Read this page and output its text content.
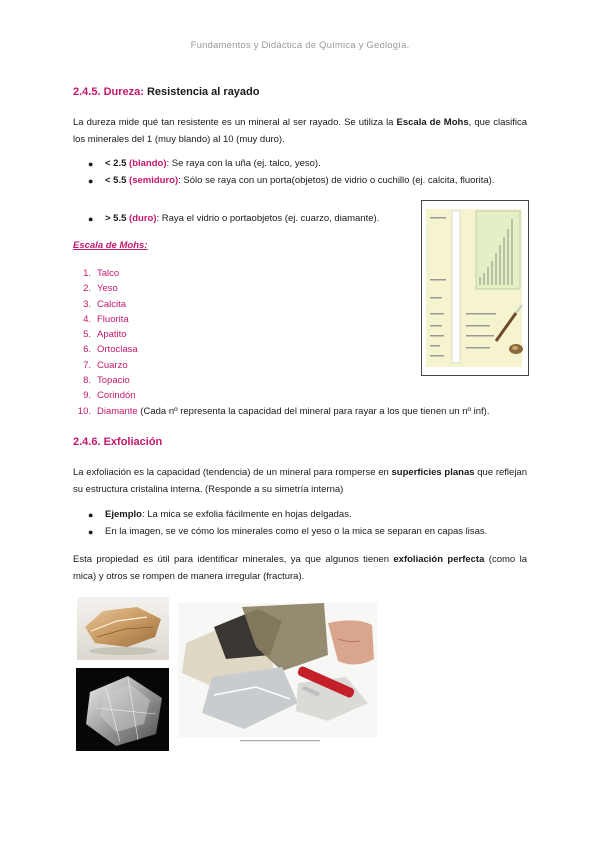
Fundamentos y Didáctica de Química y Geología.
2.4.5. Dureza: Resistencia al rayado
La dureza mide qué tan resistente es un mineral al ser rayado. Se utiliza la Escala de Mohs, que clasifica los minerales del 1 (muy blando) al 10 (muy duro).
● < 2.5 (blando): Se raya con la uña (ej. talco, yeso).
● < 5.5 (semiduro): Sólo se raya con un porta(objetos) de vidrio o cuchillo (ej. calcita, fluorita).
● > 5.5 (duro): Raya el vidrio o portaobjetos (ej. cuarzo, diamante).
Escala de Mohs:
1. Talco
2. Yeso
3. Calcita
4. Fluorita
5. Apatito
6. Ortoclasa
7. Cuarzo
8. Topacio
9. Corindón
10. Diamante (Cada nº representa la capacidad del mineral para rayar a los que tienen un nº inf).
2.4.6. Exfoliación
La exfoliación es la capacidad (tendencia) de un mineral para romperse en superficies planas que reflejan su estructura cristalina interna. (Responde a su simetría interna)
● Ejemplo: La mica se exfolia fácilmente en hojas delgadas.
● En la imagen, se ve cómo los minerales como el yeso o la mica se separan en capas lisas.
Esta propiedad es útil para identificar minerales, ya que algunos tienen exfoliación perfecta (como la mica) y otros se rompen de manera irregular (fractura).
